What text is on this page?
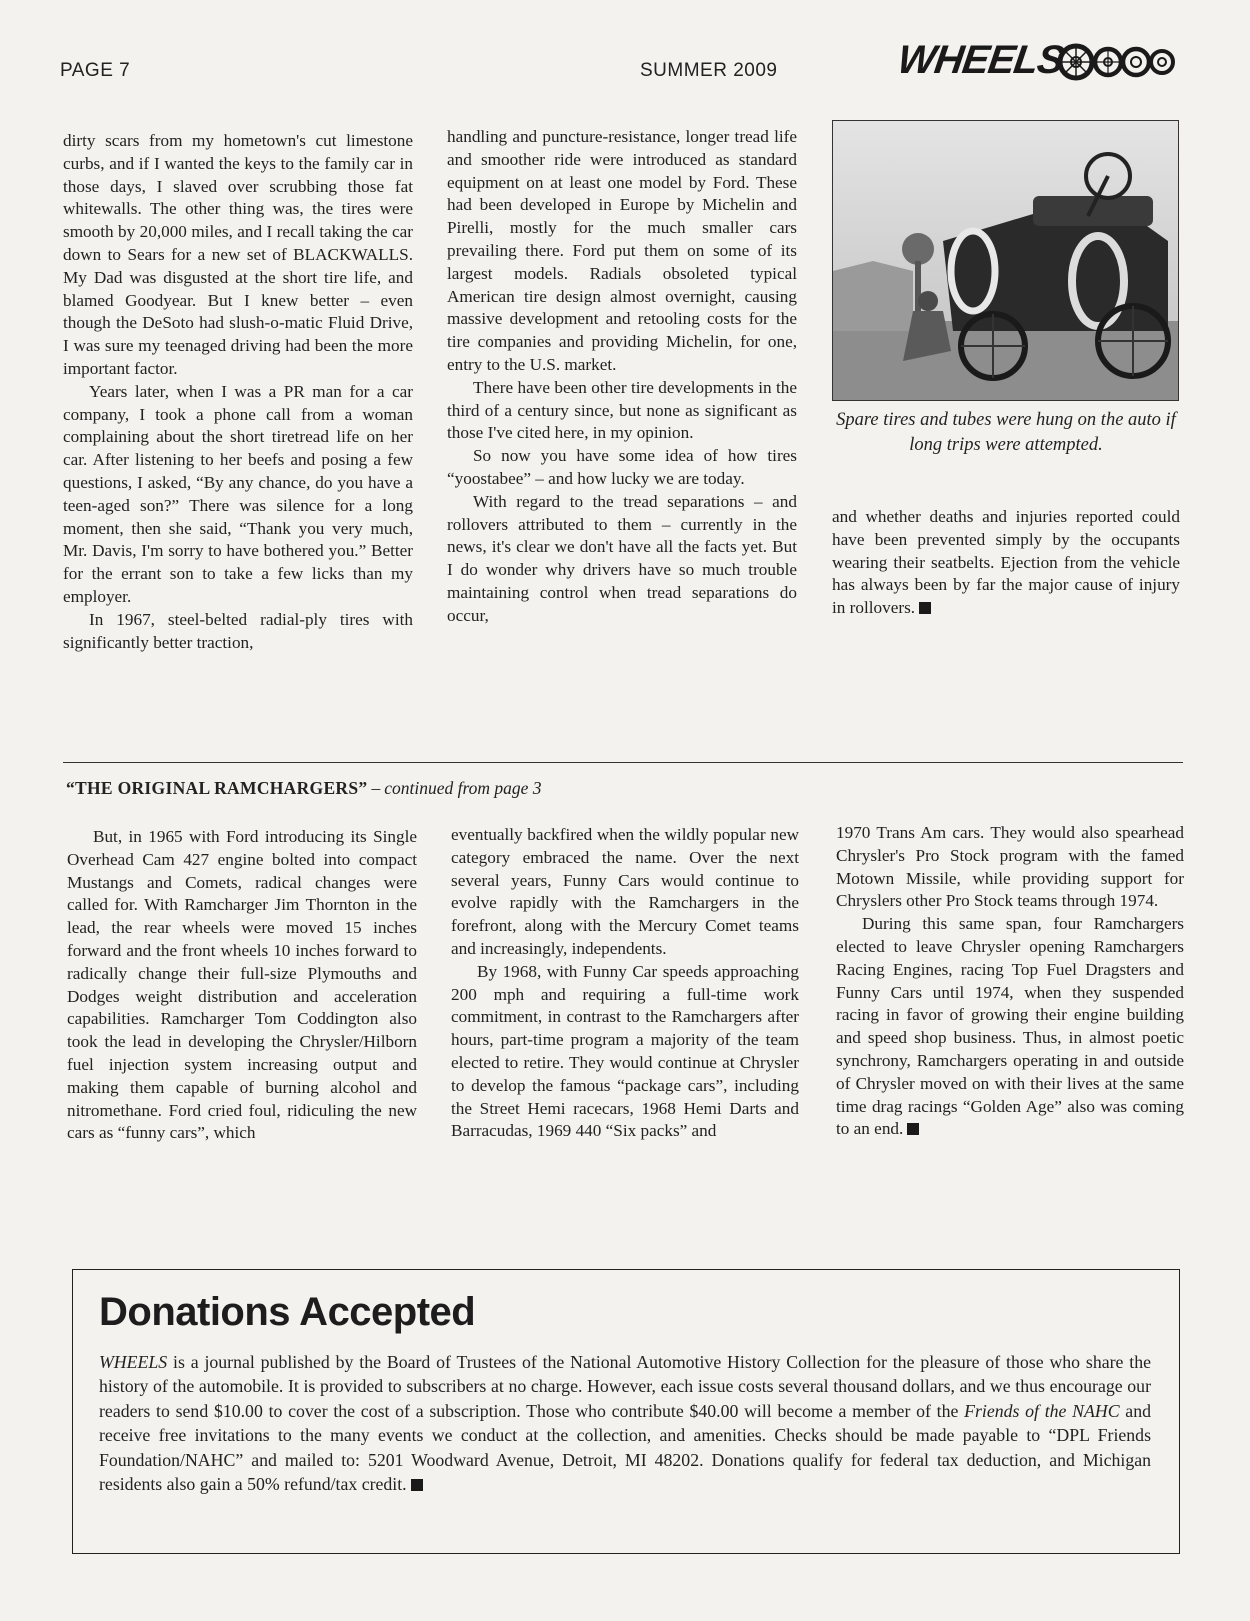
PAGE 7	SUMMER 2009	WHEELS

dirty scars from my hometown's cut limestone curbs, and if I wanted the keys to the family car in those days, I slaved over scrubbing those fat whitewalls. The other thing was, the tires were smooth by 20,000 miles, and I recall taking the car down to Sears for a new set of BLACKWALLS. My Dad was disgusted at the short tire life, and blamed Goodyear. But I knew better – even though the DeSoto had slush-o-matic Fluid Drive, I was sure my teenaged driving had been the more important factor.

Years later, when I was a PR man for a car company, I took a phone call from a woman complaining about the short tiretread life on her car. After listening to her beefs and posing a few questions, I asked, “By any chance, do you have a teen-aged son?” There was silence for a long moment, then she said, “Thank you very much, Mr. Davis, I'm sorry to have bothered you.” Better for the errant son to take a few licks than my employer.

In 1967, steel-belted radial-ply tires with significantly better traction,

handling and puncture-resistance, longer tread life and smoother ride were introduced as standard equipment on at least one model by Ford. These had been developed in Europe by Michelin and Pirelli, mostly for the much smaller cars prevailing there. Ford put them on some of its largest models. Radials obsoleted typical American tire design almost overnight, causing massive development and retooling costs for the tire companies and providing Michelin, for one, entry to the U.S. market.

There have been other tire developments in the third of a century since, but none as significant as those I've cited here, in my opinion.

So now you have some idea of how tires “yoostabee” – and how lucky we are today.

With regard to the tread separations – and rollovers attributed to them – currently in the news, it's clear we don't have all the facts yet. But I do wonder why drivers have so much trouble maintaining control when tread separations do occur,

Spare tires and tubes were hung on the auto if long trips were attempted.

and whether deaths and injuries reported could have been prevented simply by the occupants wearing their seatbelts. Ejection from the vehicle has always been by far the major cause of injury in rollovers.

“THE ORIGINAL RAMCHARGERS” – continued from page 3

But, in 1965 with Ford introducing its Single Overhead Cam 427 engine bolted into compact Mustangs and Comets, radical changes were called for. With Ramcharger Jim Thornton in the lead, the rear wheels were moved 15 inches forward and the front wheels 10 inches forward to radically change their full-size Plymouths and Dodges weight distribution and acceleration capabilities. Ramcharger Tom Coddington also took the lead in developing the Chrysler/Hilborn fuel injection system increasing output and making them capable of burning alcohol and nitromethane. Ford cried foul, ridiculing the new cars as “funny cars”, which

eventually backfired when the wildly popular new category embraced the name. Over the next several years, Funny Cars would continue to evolve rapidly with the Ramchargers in the forefront, along with the Mercury Comet teams and increasingly, independents.

By 1968, with Funny Car speeds approaching 200 mph and requiring a full-time work commitment, in contrast to the Ramchargers after hours, part-time program a majority of the team elected to retire. They would continue at Chrysler to develop the famous “package cars”, including the Street Hemi racecars, 1968 Hemi Darts and Barracudas, 1969 440 “Six packs” and

1970 Trans Am cars. They would also spearhead Chrysler's Pro Stock program with the famed Motown Missile, while providing support for Chryslers other Pro Stock teams through 1974.

During this same span, four Ramchargers elected to leave Chrysler opening Ramchargers Racing Engines, racing Top Fuel Dragsters and Funny Cars until 1974, when they suspended racing in favor of growing their engine building and speed shop business. Thus, in almost poetic synchrony, Ramchargers operating in and outside of Chrysler moved on with their lives at the same time drag racings “Golden Age” also was coming to an end.

Donations Accepted
WHEELS is a journal published by the Board of Trustees of the National Automotive History Collection for the pleasure of those who share the history of the automobile. It is provided to subscribers at no charge. However, each issue costs several thousand dollars, and we thus encourage our readers to send $10.00 to cover the cost of a subscription. Those who contribute $40.00 will become a member of the Friends of the NAHC and receive free invitations to the many events we conduct at the collection, and amenities. Checks should be made payable to “DPL Friends Foundation/NAHC” and mailed to: 5201 Woodward Avenue, Detroit, MI 48202. Donations qualify for federal tax deduction, and Michigan residents also gain a 50% refund/tax credit.
